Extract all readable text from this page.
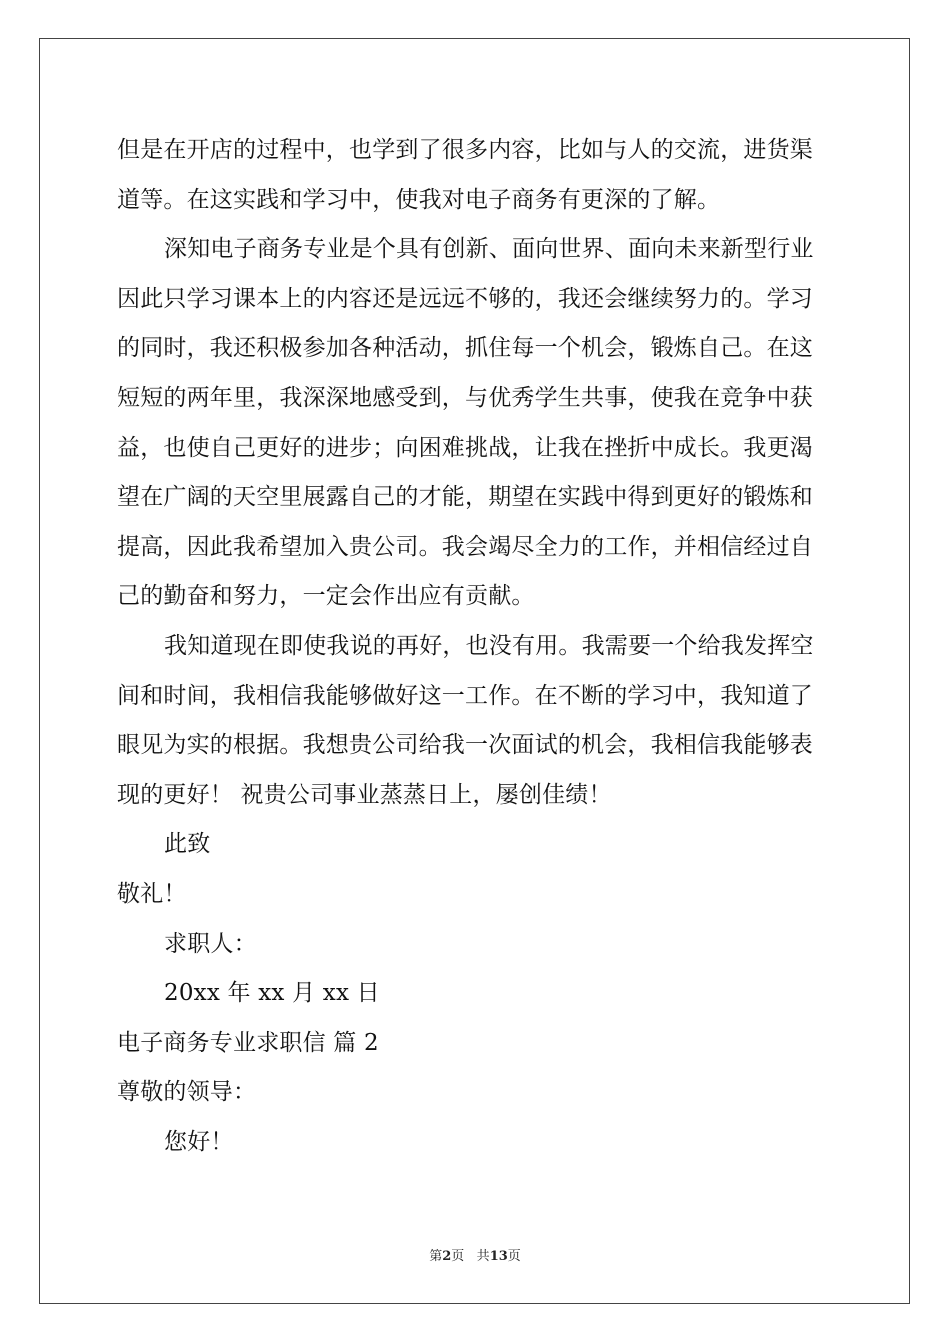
但是在开店的过程中，也学到了很多内容，比如与人的交流，进货渠
道等。在这实践和学习中，使我对电子商务有更深的了解。
深知电子商务专业是个具有创新、面向世界、面向未来新型行业
因此只学习课本上的内容还是远远不够的，我还会继续努力的。学习
的同时，我还积极参加各种活动，抓住每一个机会，锻炼自己。在这
短短的两年里，我深深地感受到，与优秀学生共事，使我在竞争中获
益，也使自己更好的进步；向困难挑战，让我在挫折中成长。我更渴
望在广阔的天空里展露自己的才能，期望在实践中得到更好的锻炼和
提高，因此我希望加入贵公司。我会竭尽全力的工作，并相信经过自
己的勤奋和努力，一定会作出应有贡献。
我知道现在即使我说的再好，也没有用。我需要一个给我发挥空
间和时间，我相信我能够做好这一工作。在不断的学习中，我知道了
眼见为实的根据。我想贵公司给我一次面试的机会，我相信我能够表
现的更好！ 祝贵公司事业蒸蒸日上，屡创佳绩！
此致
敬礼！
求职人：
20xx 年 xx 月 xx 日
电子商务专业求职信 篇 2
尊敬的领导：
您好！
第2页 共13页
